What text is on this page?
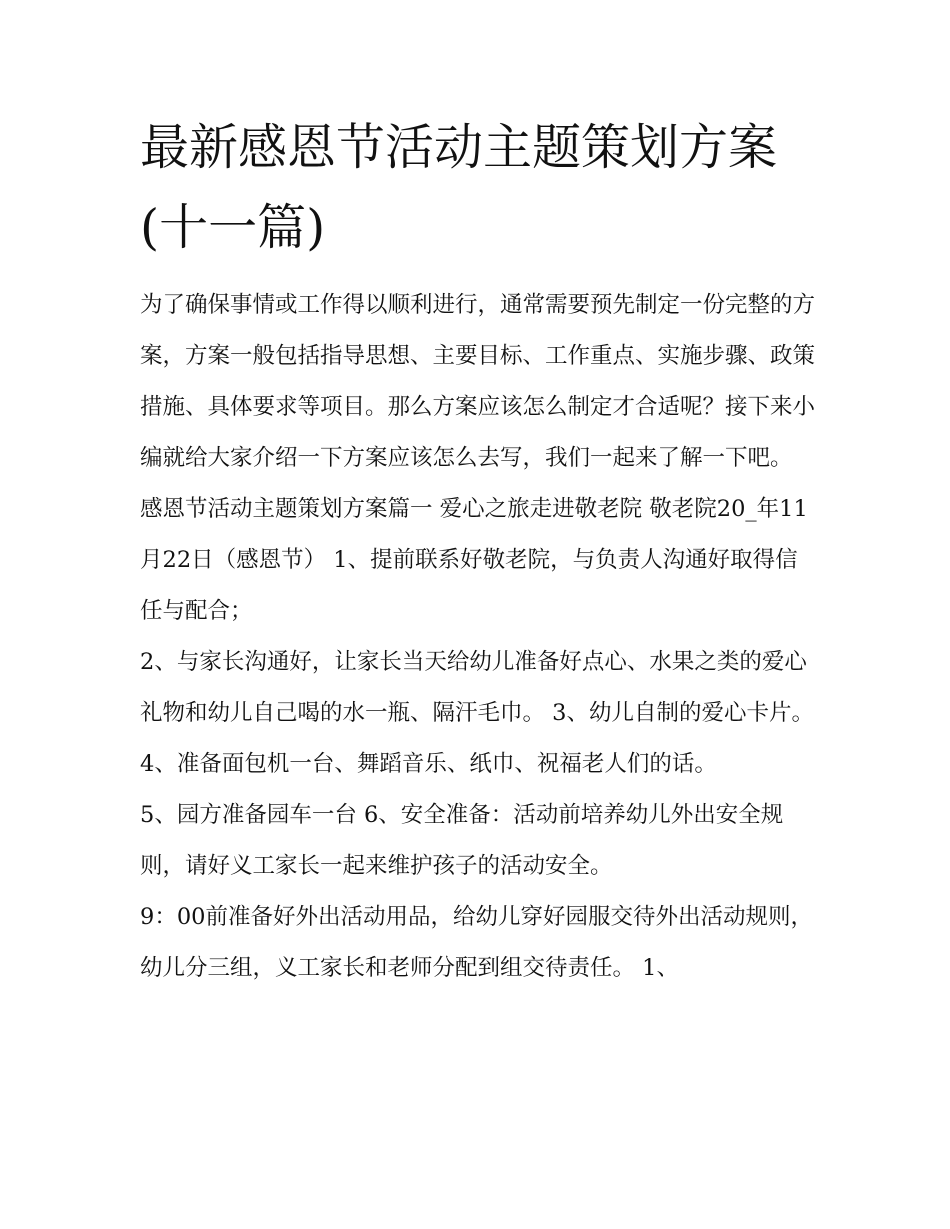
最新感恩节活动主题策划方案(十一篇)

为了确保事情或工作得以顺利进行，通常需要预先制定一份完整的方案，方案一般包括指导思想、主要目标、工作重点、实施步骤、政策措施、具体要求等项目。那么方案应该怎么制定才合适呢？接下来小编就给大家介绍一下方案应该怎么去写，我们一起来了解一下吧。

感恩节活动主题策划方案篇一 爱心之旅走进敬老院 敬老院20_年11月22日（感恩节） 1、提前联系好敬老院，与负责人沟通好取得信任与配合；

2、与家长沟通好，让家长当天给幼儿准备好点心、水果之类的爱心礼物和幼儿自己喝的水一瓶、隔汗毛巾。 3、幼儿自制的爱心卡片。

4、准备面包机一台、舞蹈音乐、纸巾、祝福老人们的话。

5、园方准备园车一台 6、安全准备：活动前培养幼儿外出安全规则，请好义工家长一起来维护孩子的活动安全。

9：00前准备好外出活动用品，给幼儿穿好园服交待外出活动规则，幼儿分三组，义工家长和老师分配到组交待责任。 1、
